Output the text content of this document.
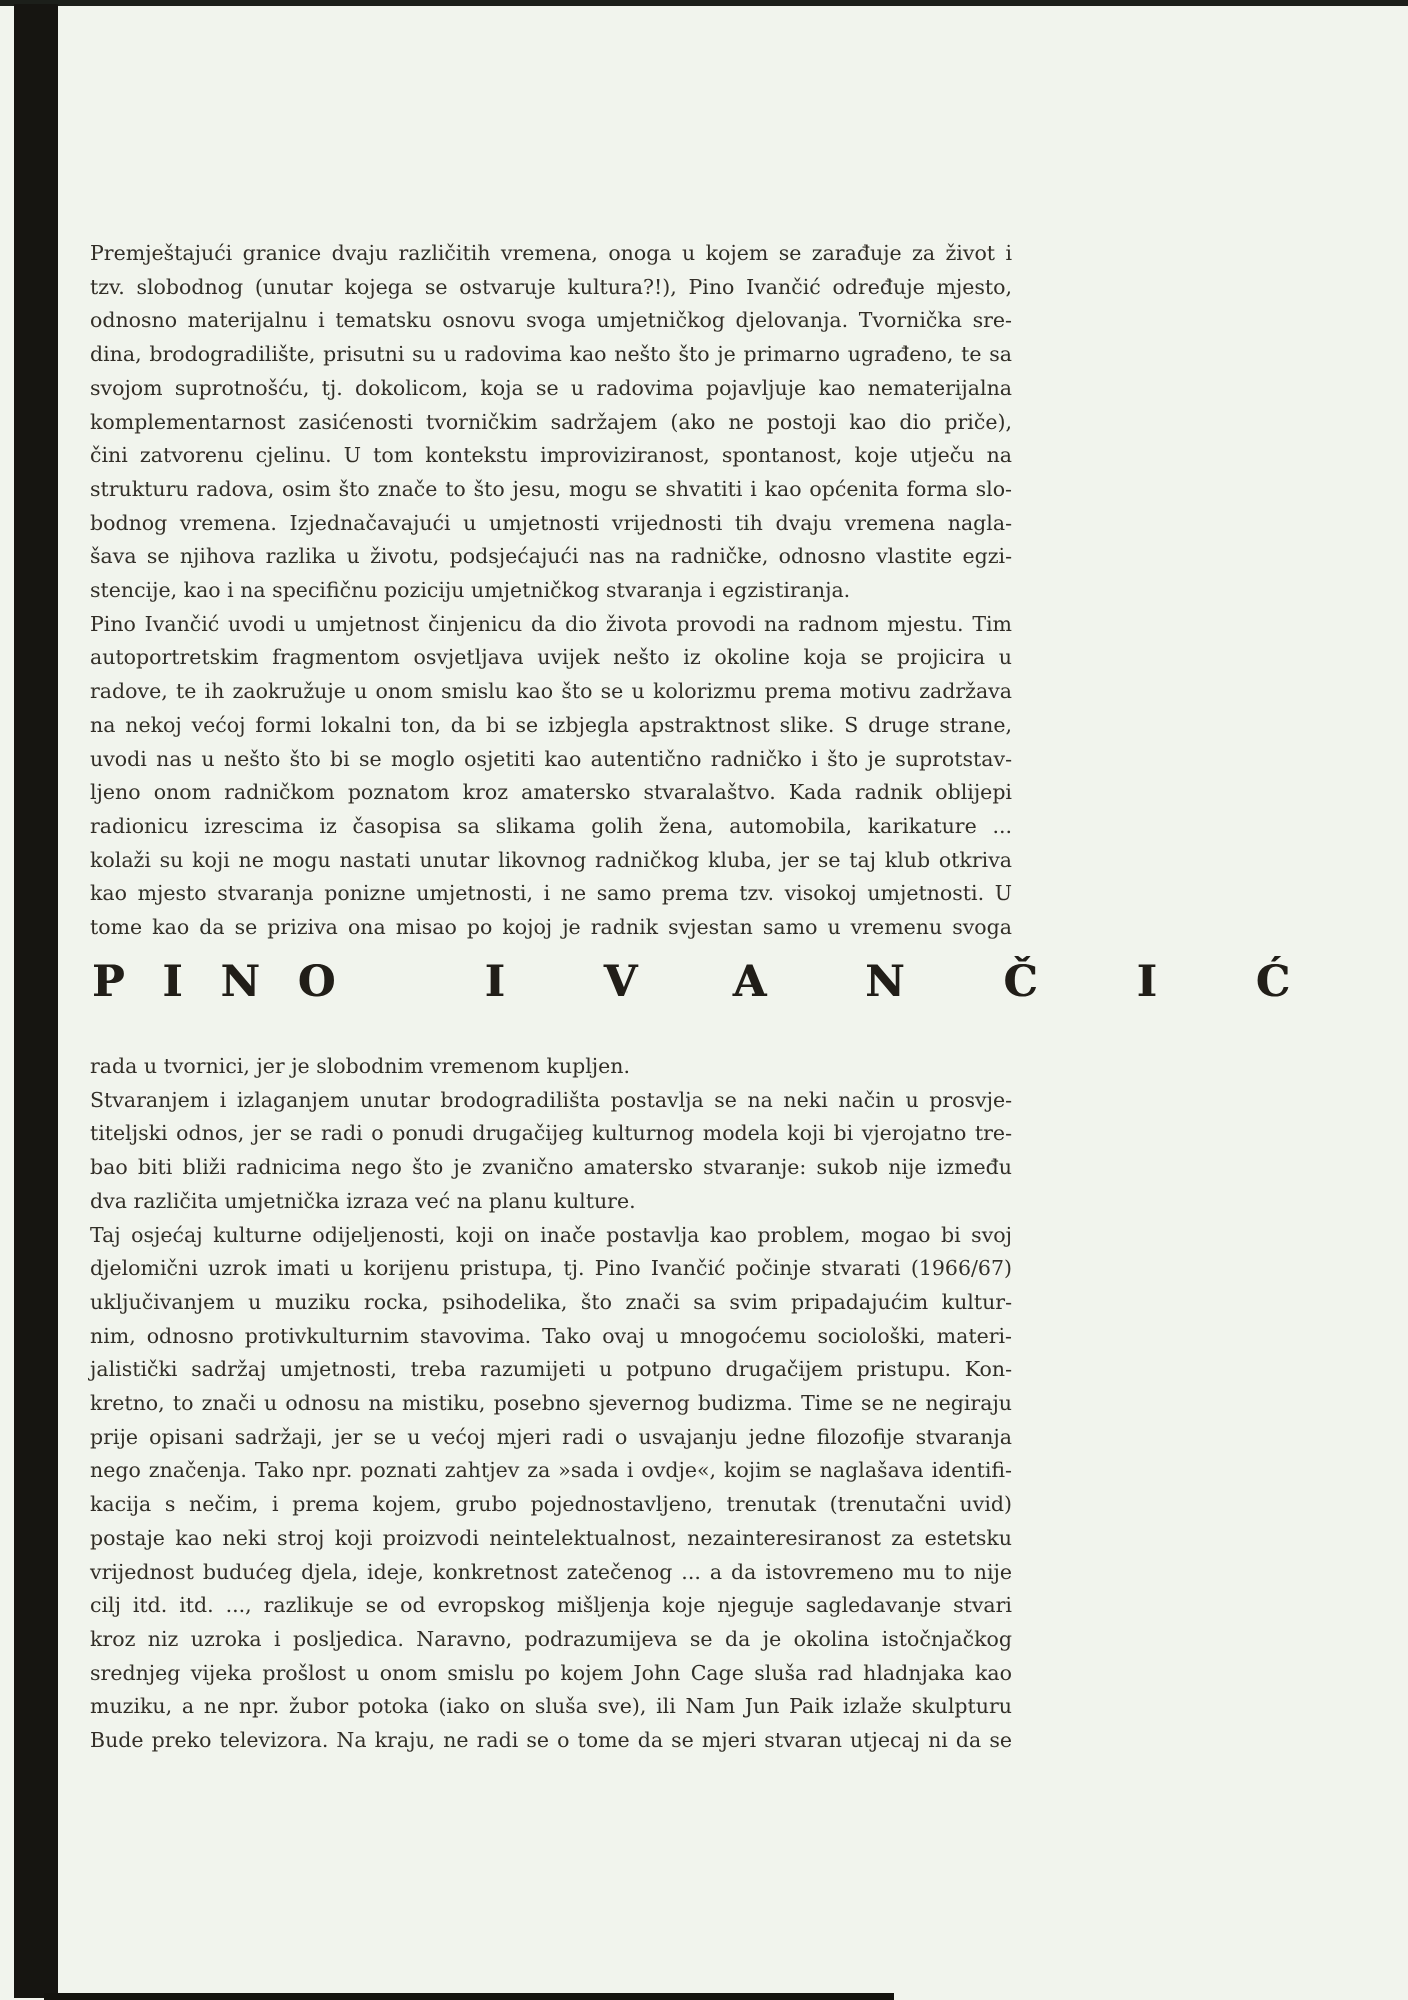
Premještajući granice dvaju različitih vremena, onoga u kojem se zarađuje za život i
tzv. slobodnog (unutar kojega se ostvaruje kultura?!), Pino Ivančić određuje mjesto,
odnosno materijalnu i tematsku osnovu svoga umjetničkog djelovanja. Tvornička sre-
dina, brodogradilište, prisutni su u radovima kao nešto što je primarno ugrađeno, te sa
svojom suprotnošću, tj. dokolicom, koja se u radovima pojavljuje kao nematerijalna
komplementarnost zasićenosti tvorničkim sadržajem (ako ne postoji kao dio priče),
čini zatvorenu cjelinu. U tom kontekstu improviziranost, spontanost, koje utječu na
strukturu radova, osim što znače to što jesu, mogu se shvatiti i kao općenita forma slo-
bodnog vremena. Izjednačavajući u umjetnosti vrijednosti tih dvaju vremena nagla-
šava se njihova razlika u životu, podsjećajući nas na radničke, odnosno vlastite egzi-
stencije, kao i na specifičnu poziciju umjetničkog stvaranja i egzistiranja.
Pino Ivančić uvodi u umjetnost činjenicu da dio života provodi na radnom mjestu. Tim
autoportretskim fragmentom osvjetljava uvijek nešto iz okoline koja se projicira u
radove, te ih zaokružuje u onom smislu kao što se u kolorizmu prema motivu zadržava
na nekoj većoj formi lokalni ton, da bi se izbjegla apstraktnost slike. S druge strane,
uvodi nas u nešto što bi se moglo osjetiti kao autentično radničko i što je suprotstav-
ljeno onom radničkom poznatom kroz amatersko stvaralaštvo. Kada radnik oblijepi
radionicu izrescima iz časopisa sa slikama golih žena, automobila, karikature ...
kolaži su koji ne mogu nastati unutar likovnog radničkog kluba, jer se taj klub otkriva
kao mjesto stvaranja ponizne umjetnosti, i ne samo prema tzv. visokoj umjetnosti. U
tome kao da se priziva ona misao po kojoj je radnik svjestan samo u vremenu svoga
PINO	IVANČIĆ
rada u tvornici, jer je slobodnim vremenom kupljen.
Stvaranjem i izlaganjem unutar brodogradilišta postavlja se na neki način u prosvje-
titeljski odnos, jer se radi o ponudi drugačijeg kulturnog modela koji bi vjerojatno tre-
bao biti bliži radnicima nego što je zvanično amatersko stvaranje: sukob nije između
dva različita umjetnička izraza već na planu kulture.
Taj osjećaj kulturne odijeljenosti, koji on inače postavlja kao problem, mogao bi svoj
djelomični uzrok imati u korijenu pristupa, tj. Pino Ivančić počinje stvarati (1966/67)
uključivanjem u muziku rocka, psihodelika, što znači sa svim pripadajućim kultur-
nim, odnosno protivkulturnim stavovima. Tako ovaj u mnogoćemu sociološki, materi-
jalistički sadržaj umjetnosti, treba razumijeti u potpuno drugačijem pristupu. Kon-
kretno, to znači u odnosu na mistiku, posebno sjevernog budizma. Time se ne negiraju
prije opisani sadržaji, jer se u većoj mjeri radi o usvajanju jedne filozofije stvaranja
nego značenja. Tako npr. poznati zahtjev za »sada i ovdje«, kojim se naglašava identifi-
kacija s nečim, i prema kojem, grubo pojednostavljeno, trenutak (trenutačni uvid)
postaje kao neki stroj koji proizvodi neintelektualnost, nezainteresiranost za estetsku
vrijednost budućeg djela, ideje, konkretnost zatečenog ... a da istovremeno mu to nije
cilj itd. itd. ..., razlikuje se od evropskog mišljenja koje njeguje sagledavanje stvari
kroz niz uzroka i posljedica. Naravno, podrazumijeva se da je okolina istočnjačkog
srednjeg vijeka prošlost u onom smislu po kojem John Cage sluša rad hladnjaka kao
muziku, a ne npr. žubor potoka (iako on sluša sve), ili Nam Jun Paik izlaže skulpturu
Bude preko televizora. Na kraju, ne radi se o tome da se mjeri stvaran utjecaj ni da se
